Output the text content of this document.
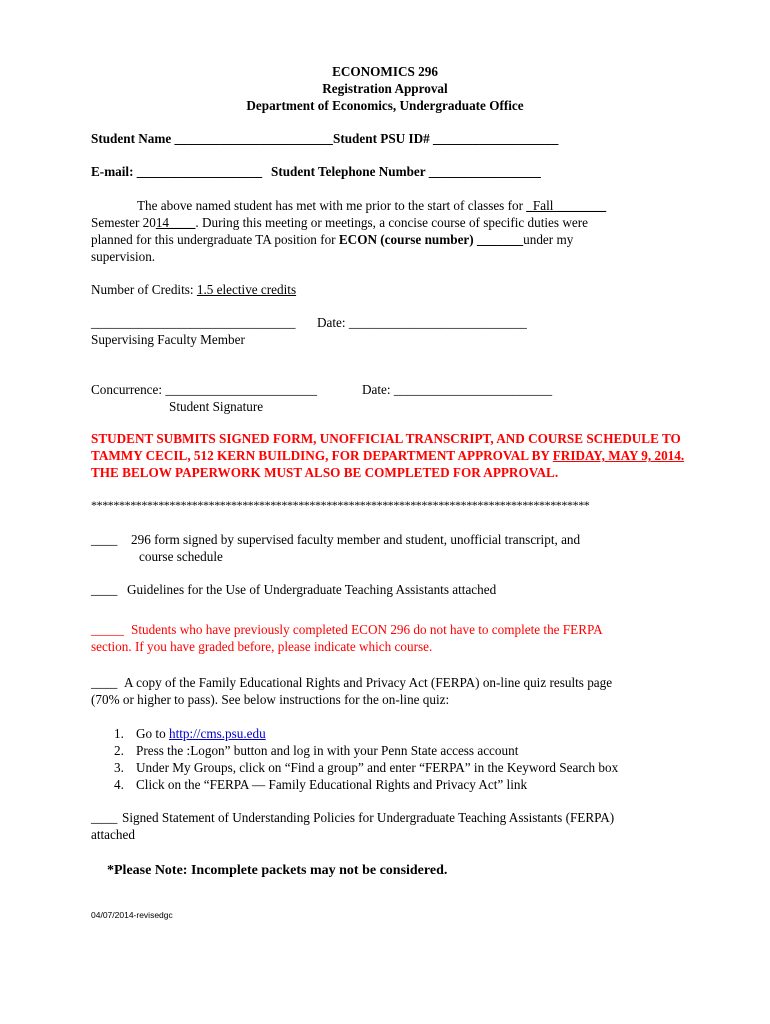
ECONOMICS 296
Registration Approval
Department of Economics, Undergraduate Office
Student Name ________________________ Student PSU ID# ___________________
E-mail: ___________________ Student Telephone Number _________________
The above named student has met with me prior to the start of classes for _Fall________
Semester 2014____. During this meeting or meetings, a concise course of specific duties were
planned for this undergraduate TA position for ECON (course number) _______under my
supervision.
Number of Credits: 1.5 elective credits
_______________________________ Date: ___________________________
Supervising Faculty Member
Concurrence: _______________________	Date: ________________________
Student Signature
STUDENT SUBMITS SIGNED FORM, UNOFFICIAL TRANSCRIPT, AND COURSE SCHEDULE TO
TAMMY CECIL, 512 KERN BUILDING, FOR DEPARTMENT APPROVAL BY FRIDAY, MAY 9, 2014.
THE BELOW PAPERWORK MUST ALSO BE COMPLETED FOR APPROVAL.
*****************************************************************************************
____ 296 form signed by supervised faculty member and student, unofficial transcript, and
course schedule
____ Guidelines for the Use of Undergraduate Teaching Assistants attached
_____ Students who have previously completed ECON 296 do not have to complete the FERPA
section. If you have graded before, please indicate which course.
____ A copy of the Family Educational Rights and Privacy Act (FERPA) on-line quiz results page
(70% or higher to pass). See below instructions for the on-line quiz:
1. Go to http://cms.psu.edu
2. Press the :Logon” button and log in with your Penn State access account
3. Under My Groups, click on “Find a group” and enter “FERPA” in the Keyword Search box
4. Click on the “FERPA — Family Educational Rights and Privacy Act” link
____ Signed Statement of Understanding Policies for Undergraduate Teaching Assistants (FERPA)
attached
*Please Note: Incomplete packets may not be considered.
04/07/2014-revisedgc
